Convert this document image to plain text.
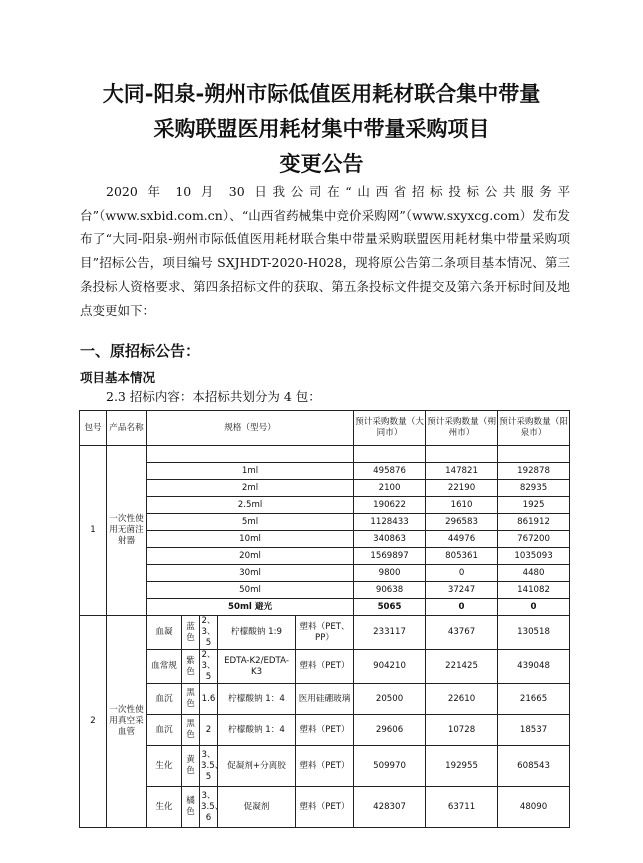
大同-阳泉-朔州市际低值医用耗材联合集中带量
采购联盟医用耗材集中带量采购项目
变更公告
2020 年 10 月 30 日我公司在“山西省招标投标公共服务平台”（www.sxbid.com.cn）、“山西省药械集中竞价采购网”（www.sxyxcg.com）发布发布了“大同-阳泉-朔州市际低值医用耗材联合集中带量采购联盟医用耗材集中带量采购项目”招标公告，项目编号 SXJHDT-2020-H028，现将原公告第二条项目基本情况、第三条投标人资格要求、第四条招标文件的获取、第五条投标文件提交及第六条开标时间及地点变更如下：
一、原招标公告：
项目基本情况
2.3 招标内容：本招标共划分为 4 包：
包号	产品名称	规格（型号）					预计采购数量（大同市）	预计采购数量（朔州市）	预计采购数量（阳泉市）
1	一次性使用无菌注射器								
		1ml					495876	147821	192878
		2ml					2100	22190	82935
		2.5ml					190622	1610	1925
		5ml					1128433	296583	861912
		10ml					340863	44976	767200
		20ml					1569897	805361	1035093
		30ml					9800	0	4480
		50ml					90638	37247	141082
		50ml 避光					5065	0	0
2	一次性使用真空采血管	血凝	蓝色	2、3、5	柠檬酸钠 1:9	塑料（PET、PP）	233117	43767	130518
		血常规	紫色	2、3、5	EDTA-K2/EDTA-K3	塑料（PET）	904210	221425	439048
		血沉	黑色	1.6	柠檬酸钠 1：4	医用硅硼玻璃	20500	22610	21665
		血沉	黑色	2	柠檬酸钠 1：4	塑料（PET）	29606	10728	18537
		生化	黄色	3、3.5、5	促凝剂+分离胶	塑料（PET）	509970	192955	608543
		生化	橘色	3、3.5、6	促凝剂	塑料（PET）	428307	63711	48090
